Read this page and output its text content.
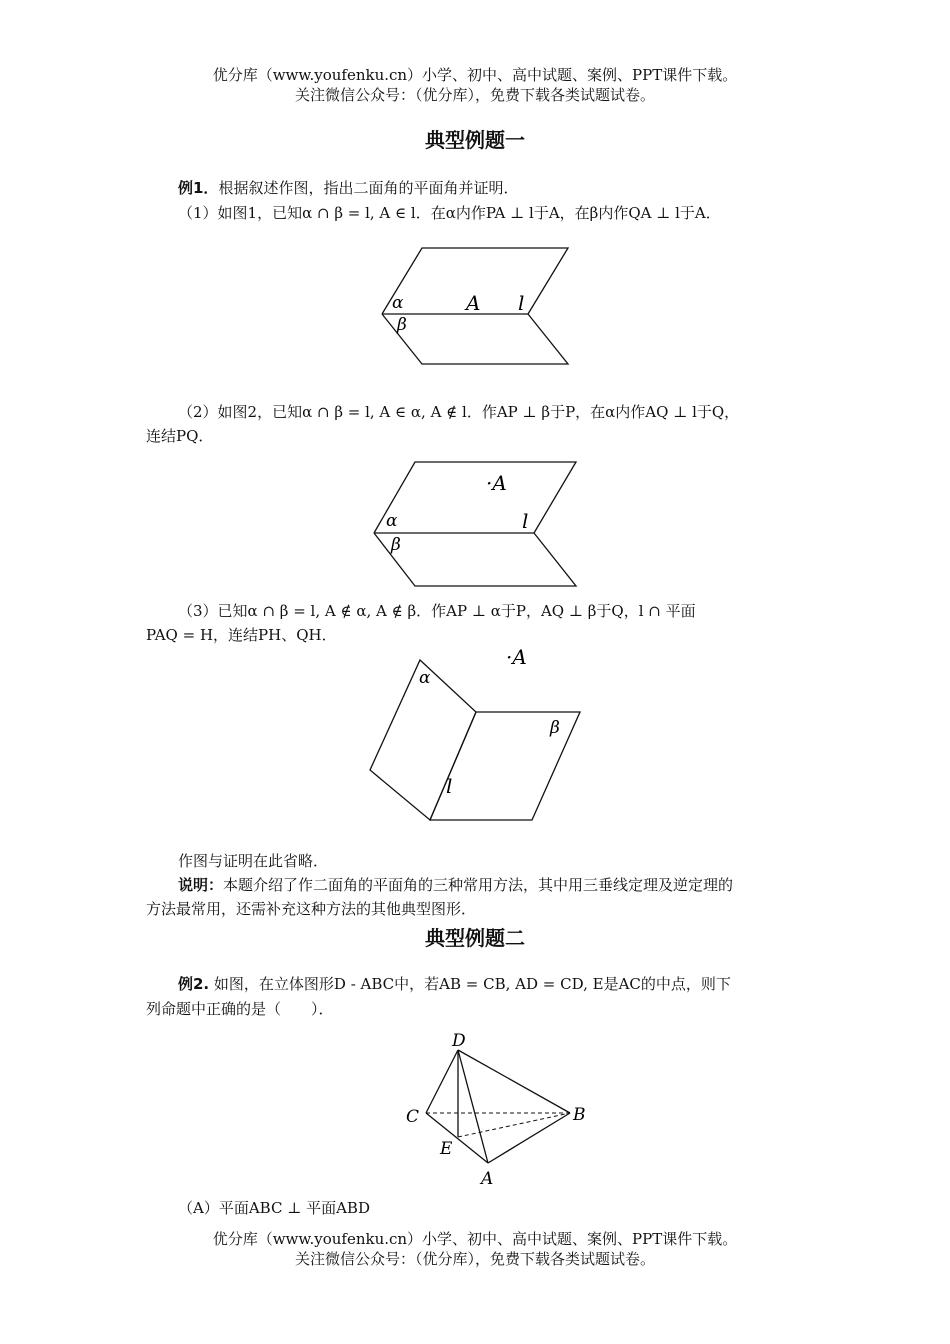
优分库（www.youfenku.cn）小学、初中、高中试题、案例、PPT课件下载。
关注微信公众号：（优分库），免费下载各类试题试卷。
典型例题一
例1．根据叙述作图，指出二面角的平面角并证明．
（1）如图1，已知α ∩ β = l, A ∈ l．在α内作PA ⊥ l于A，在β内作QA ⊥ l于A．
α
β
A l
（2）如图2，已知α ∩ β = l, A ∈ α, A ∉ l．作AP ⊥ β于P，在α内作AQ ⊥ l于Q，
连结PQ．
·A
α	l
β
（3）已知α ∩ β = l, A ∉ α, A ∉ β．作AP ⊥ α于P，AQ ⊥ β于Q，l ∩ 平面
PAQ = H，连结PH、QH．
·A
α
β
l
作图与证明在此省略．
说明：本题介绍了作二面角的平面角的三种常用方法，其中用三垂线定理及逆定理的
方法最常用，还需补充这种方法的其他典型图形．
典型例题二
例2. 如图，在立体图形D - ABC中，若AB = CB, AD = CD, E是AC的中点，则下
列命题中正确的是（　　）．
D
C	B
E
A
（A）平面ABC ⊥ 平面ABD
优分库（www.youfenku.cn）小学、初中、高中试题、案例、PPT课件下载。
关注微信公众号：（优分库），免费下载各类试题试卷。
